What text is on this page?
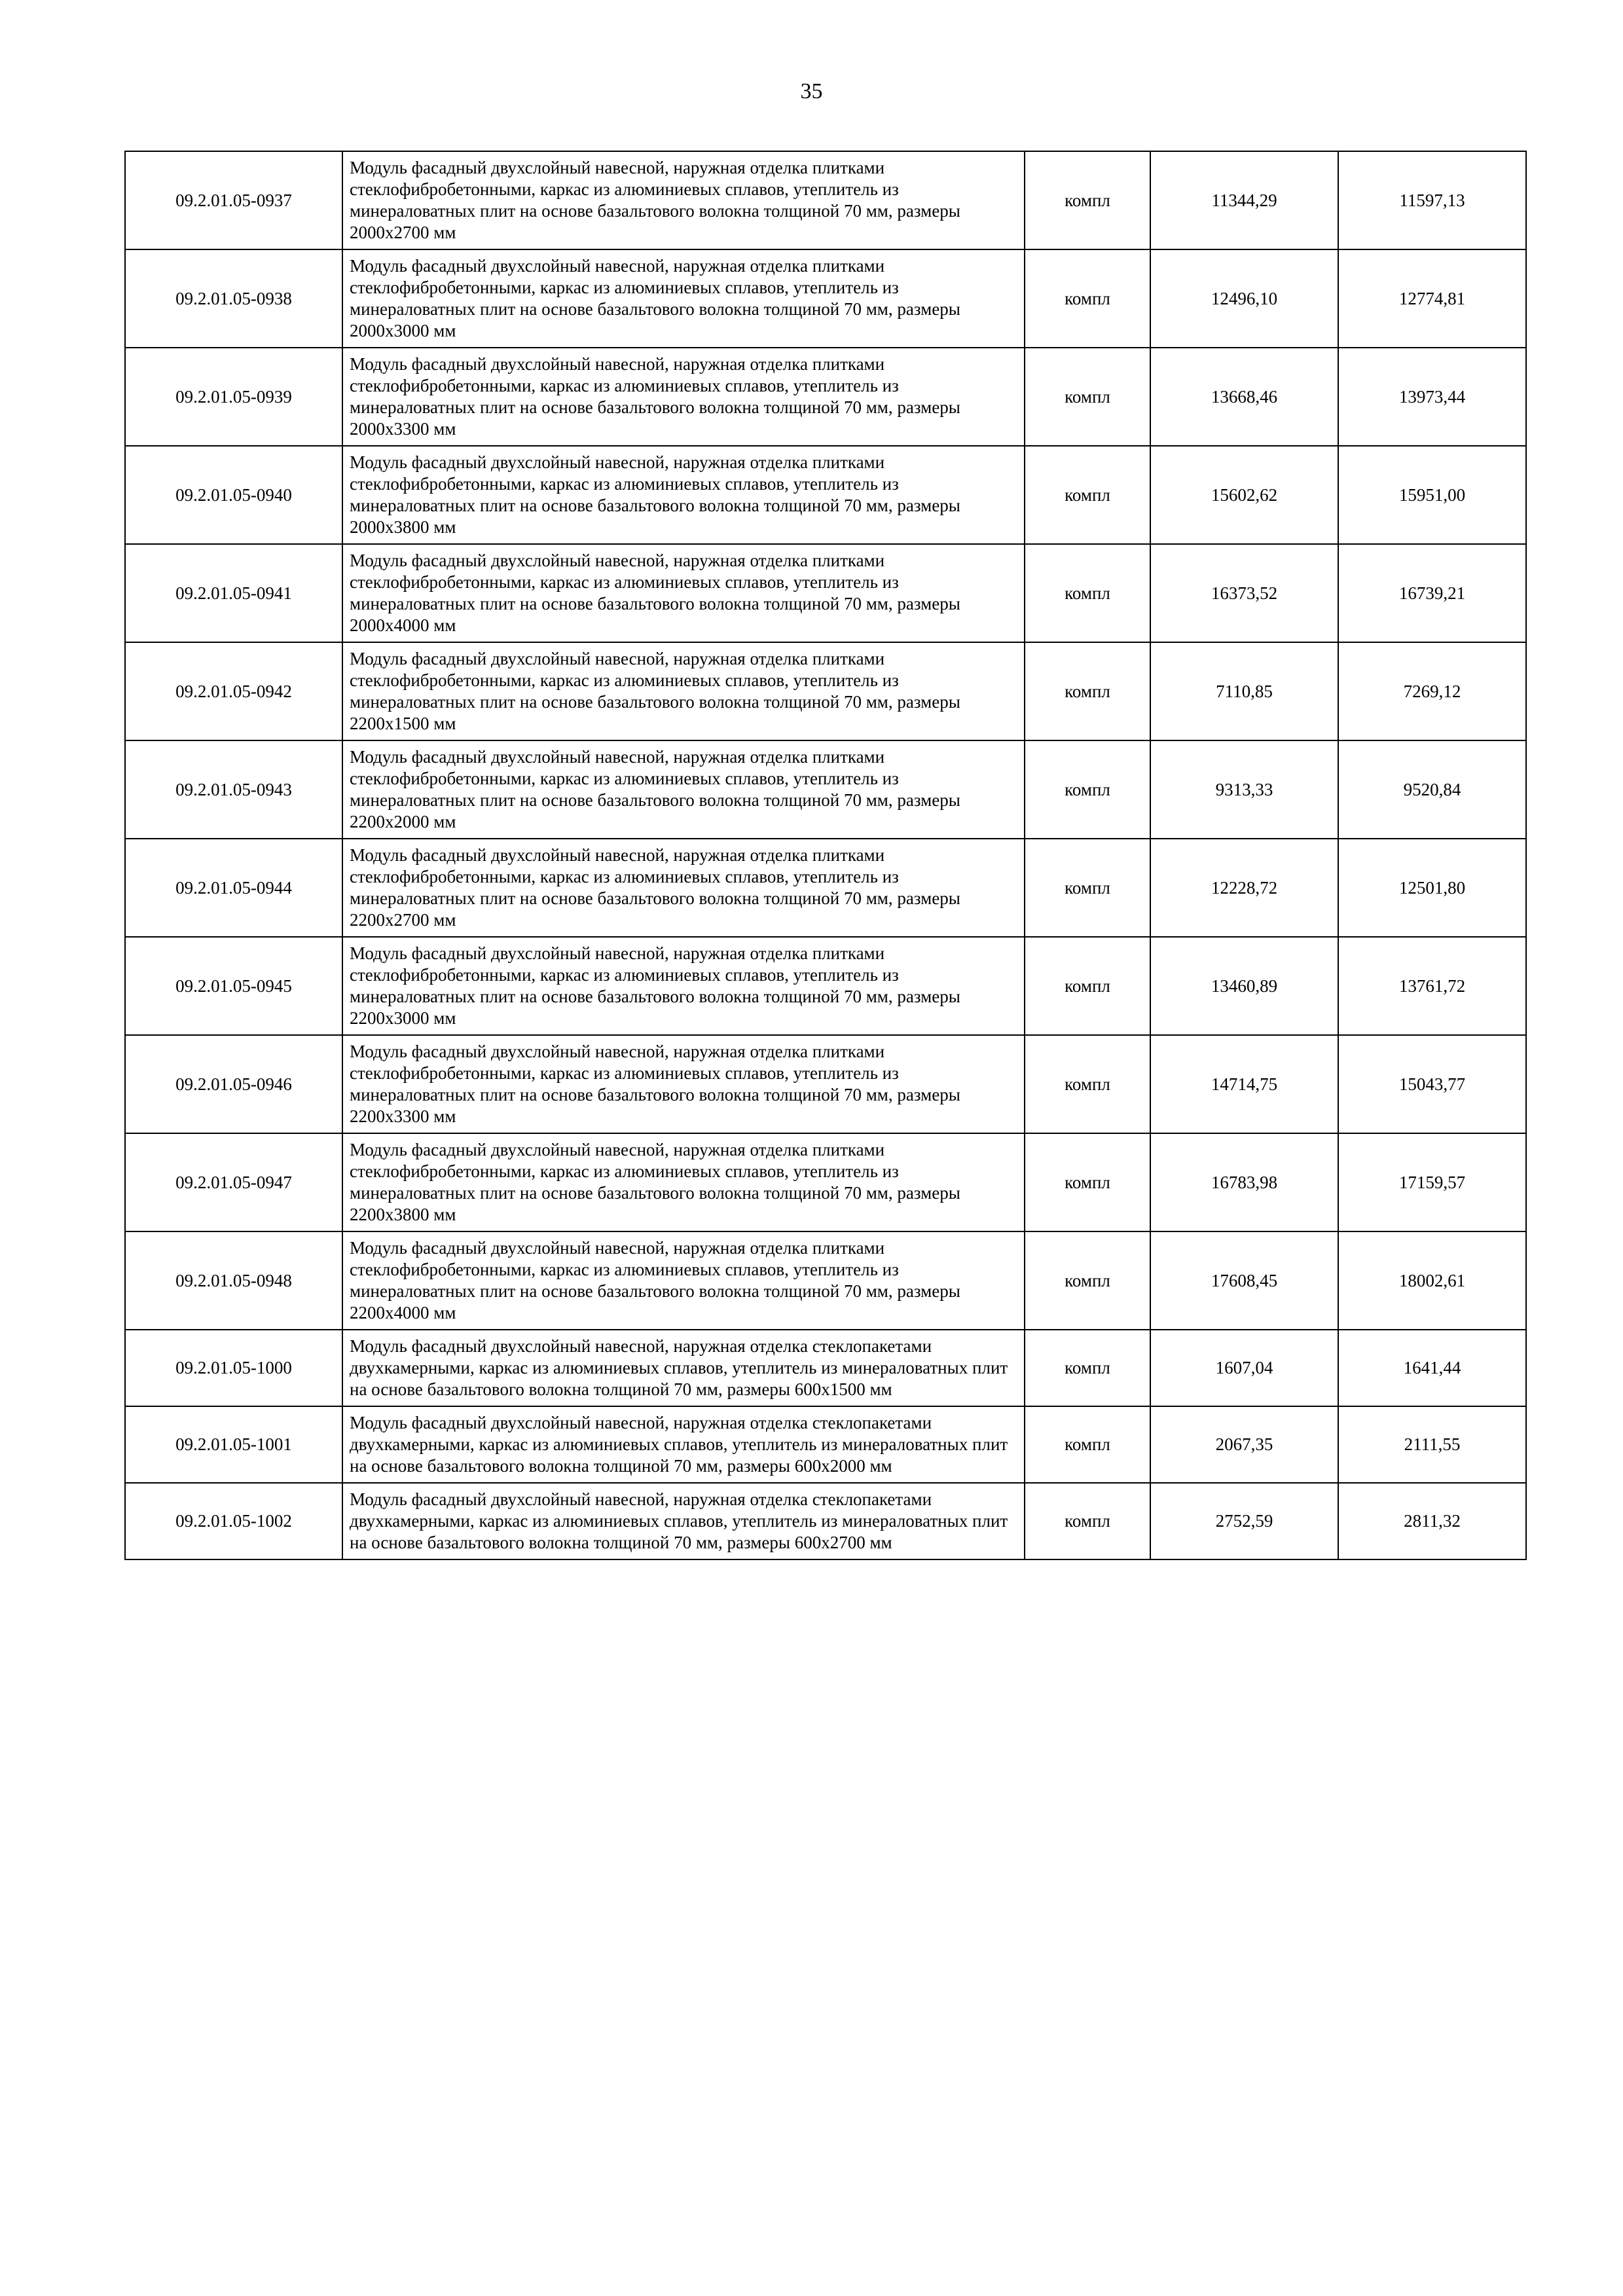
35
09.2.01.05-0937	Модуль фасадный двухслойный навесной, наружная отделка плитками стеклофибробетонными, каркас из алюминиевых сплавов, утеплитель из минераловатных плит на основе базальтового волокна толщиной 70 мм, размеры 2000х2700 мм	компл	11344,29	11597,13
09.2.01.05-0938	Модуль фасадный двухслойный навесной, наружная отделка плитками стеклофибробетонными, каркас из алюминиевых сплавов, утеплитель из минераловатных плит на основе базальтового волокна толщиной 70 мм, размеры 2000х3000 мм	компл	12496,10	12774,81
09.2.01.05-0939	Модуль фасадный двухслойный навесной, наружная отделка плитками стеклофибробетонными, каркас из алюминиевых сплавов, утеплитель из минераловатных плит на основе базальтового волокна толщиной 70 мм, размеры 2000х3300 мм	компл	13668,46	13973,44
09.2.01.05-0940	Модуль фасадный двухслойный навесной, наружная отделка плитками стеклофибробетонными, каркас из алюминиевых сплавов, утеплитель из минераловатных плит на основе базальтового волокна толщиной 70 мм, размеры 2000х3800 мм	компл	15602,62	15951,00
09.2.01.05-0941	Модуль фасадный двухслойный навесной, наружная отделка плитками стеклофибробетонными, каркас из алюминиевых сплавов, утеплитель из минераловатных плит на основе базальтового волокна толщиной 70 мм, размеры 2000х4000 мм	компл	16373,52	16739,21
09.2.01.05-0942	Модуль фасадный двухслойный навесной, наружная отделка плитками стеклофибробетонными, каркас из алюминиевых сплавов, утеплитель из минераловатных плит на основе базальтового волокна толщиной 70 мм, размеры 2200х1500 мм	компл	7110,85	7269,12
09.2.01.05-0943	Модуль фасадный двухслойный навесной, наружная отделка плитками стеклофибробетонными, каркас из алюминиевых сплавов, утеплитель из минераловатных плит на основе базальтового волокна толщиной 70 мм, размеры 2200х2000 мм	компл	9313,33	9520,84
09.2.01.05-0944	Модуль фасадный двухслойный навесной, наружная отделка плитками стеклофибробетонными, каркас из алюминиевых сплавов, утеплитель из минераловатных плит на основе базальтового волокна толщиной 70 мм, размеры 2200х2700 мм	компл	12228,72	12501,80
09.2.01.05-0945	Модуль фасадный двухслойный навесной, наружная отделка плитками стеклофибробетонными, каркас из алюминиевых сплавов, утеплитель из минераловатных плит на основе базальтового волокна толщиной 70 мм, размеры 2200х3000 мм	компл	13460,89	13761,72
09.2.01.05-0946	Модуль фасадный двухслойный навесной, наружная отделка плитками стеклофибробетонными, каркас из алюминиевых сплавов, утеплитель из минераловатных плит на основе базальтового волокна толщиной 70 мм, размеры 2200х3300 мм	компл	14714,75	15043,77
09.2.01.05-0947	Модуль фасадный двухслойный навесной, наружная отделка плитками стеклофибробетонными, каркас из алюминиевых сплавов, утеплитель из минераловатных плит на основе базальтового волокна толщиной 70 мм, размеры 2200х3800 мм	компл	16783,98	17159,57
09.2.01.05-0948	Модуль фасадный двухслойный навесной, наружная отделка плитками стеклофибробетонными, каркас из алюминиевых сплавов, утеплитель из минераловатных плит на основе базальтового волокна толщиной 70 мм, размеры 2200х4000 мм	компл	17608,45	18002,61
09.2.01.05-1000	Модуль фасадный двухслойный навесной, наружная отделка стеклопакетами двухкамерными, каркас из алюминиевых сплавов, утеплитель из минераловатных плит на основе базальтового волокна толщиной 70 мм, размеры 600х1500 мм	компл	1607,04	1641,44
09.2.01.05-1001	Модуль фасадный двухслойный навесной, наружная отделка стеклопакетами двухкамерными, каркас из алюминиевых сплавов, утеплитель из минераловатных плит на основе базальтового волокна толщиной 70 мм, размеры 600х2000 мм	компл	2067,35	2111,55
09.2.01.05-1002	Модуль фасадный двухслойный навесной, наружная отделка стеклопакетами двухкамерными, каркас из алюминиевых сплавов, утеплитель из минераловатных плит на основе базальтового волокна толщиной 70 мм, размеры 600х2700 мм	компл	2752,59	2811,32
